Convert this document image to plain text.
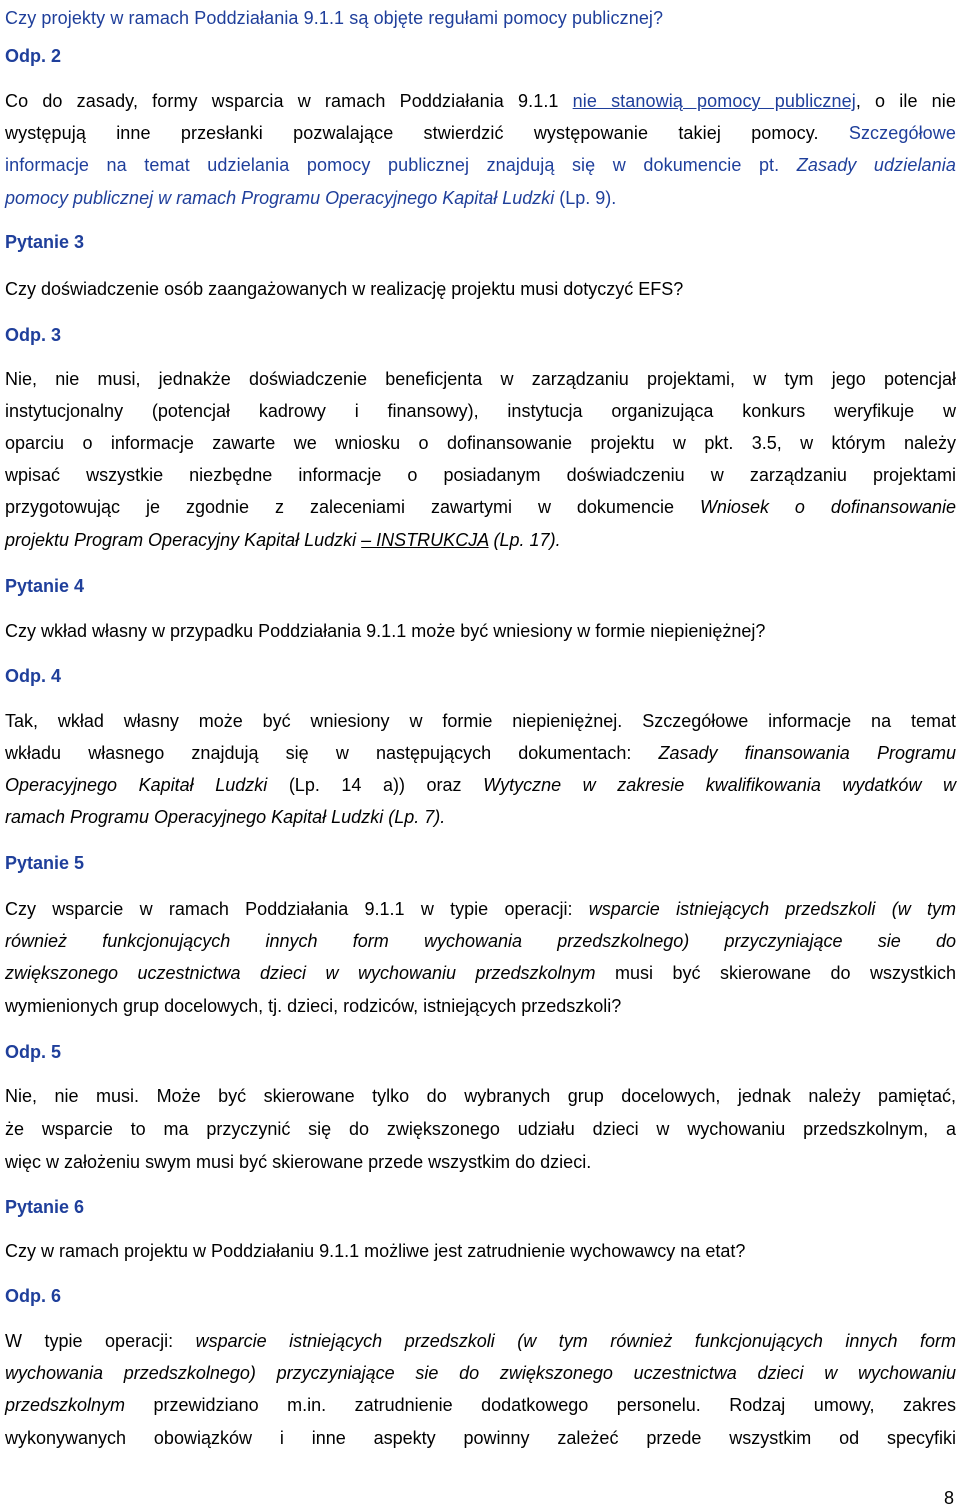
Czy projekty w ramach Poddziałania 9.1.1 są objęte regułami pomocy publicznej?
Odp. 2
Co do zasady, formy wsparcia w ramach Poddziałania 9.1.1 nie stanowią pomocy publicznej, o ile nie
występują inne przesłanki pozwalające stwierdzić występowanie takiej pomocy. Szczegółowe
informacje na temat udzielania pomocy publicznej znajdują się w dokumencie pt. Zasady udzielania
pomocy publicznej w ramach Programu Operacyjnego Kapitał Ludzki (Lp. 9).
Pytanie 3
Czy doświadczenie osób zaangażowanych w realizację projektu musi dotyczyć EFS?
Odp. 3
Nie, nie musi, jednakże doświadczenie beneficjenta w zarządzaniu projektami, w tym jego potencjał
instytucjonalny (potencjał kadrowy i finansowy), instytucja organizująca konkurs weryfikuje w
oparciu o informacje zawarte we wniosku o dofinansowanie projektu w pkt. 3.5, w którym należy
wpisać wszystkie niezbędne informacje o posiadanym doświadczeniu w zarządzaniu projektami
przygotowując je zgodnie z zaleceniami zawartymi w dokumencie Wniosek o dofinansowanie
projektu Program Operacyjny Kapitał Ludzki – INSTRUKCJA (Lp. 17).
Pytanie 4
Czy wkład własny w przypadku Poddziałania 9.1.1 może być wniesiony w formie niepieniężnej?
Odp. 4
Tak, wkład własny może być wniesiony w formie niepieniężnej. Szczegółowe informacje na temat
wkładu własnego znajdują się w następujących dokumentach: Zasady finansowania Programu
Operacyjnego Kapitał Ludzki (Lp. 14 a)) oraz Wytyczne w zakresie kwalifikowania wydatków w
ramach Programu Operacyjnego Kapitał Ludzki (Lp. 7).
Pytanie 5
Czy wsparcie w ramach Poddziałania 9.1.1 w typie operacji: wsparcie istniejących przedszkoli (w tym
również funkcjonujących innych form wychowania przedszkolnego) przyczyniające sie do
zwiększonego uczestnictwa dzieci w wychowaniu przedszkolnym musi być skierowane do wszystkich
wymienionych grup docelowych, tj. dzieci, rodziców, istniejących przedszkoli?
Odp. 5
Nie, nie musi. Może być skierowane tylko do wybranych grup docelowych, jednak należy pamiętać,
że wsparcie to ma przyczynić się do zwiększonego udziału dzieci w wychowaniu przedszkolnym, a
więc w założeniu swym musi być skierowane przede wszystkim do dzieci.
Pytanie 6
Czy w ramach projektu w Poddziałaniu 9.1.1 możliwe jest zatrudnienie wychowawcy na etat?
Odp. 6
W typie operacji: wsparcie istniejących przedszkoli (w tym również funkcjonujących innych form
wychowania przedszkolnego) przyczyniające sie do zwiększonego uczestnictwa dzieci w wychowaniu
przedszkolnym przewidziano m.in. zatrudnienie dodatkowego personelu. Rodzaj umowy, zakres
wykonywanych obowiązków i inne aspekty powinny zależeć przede wszystkim od specyfiki
8
